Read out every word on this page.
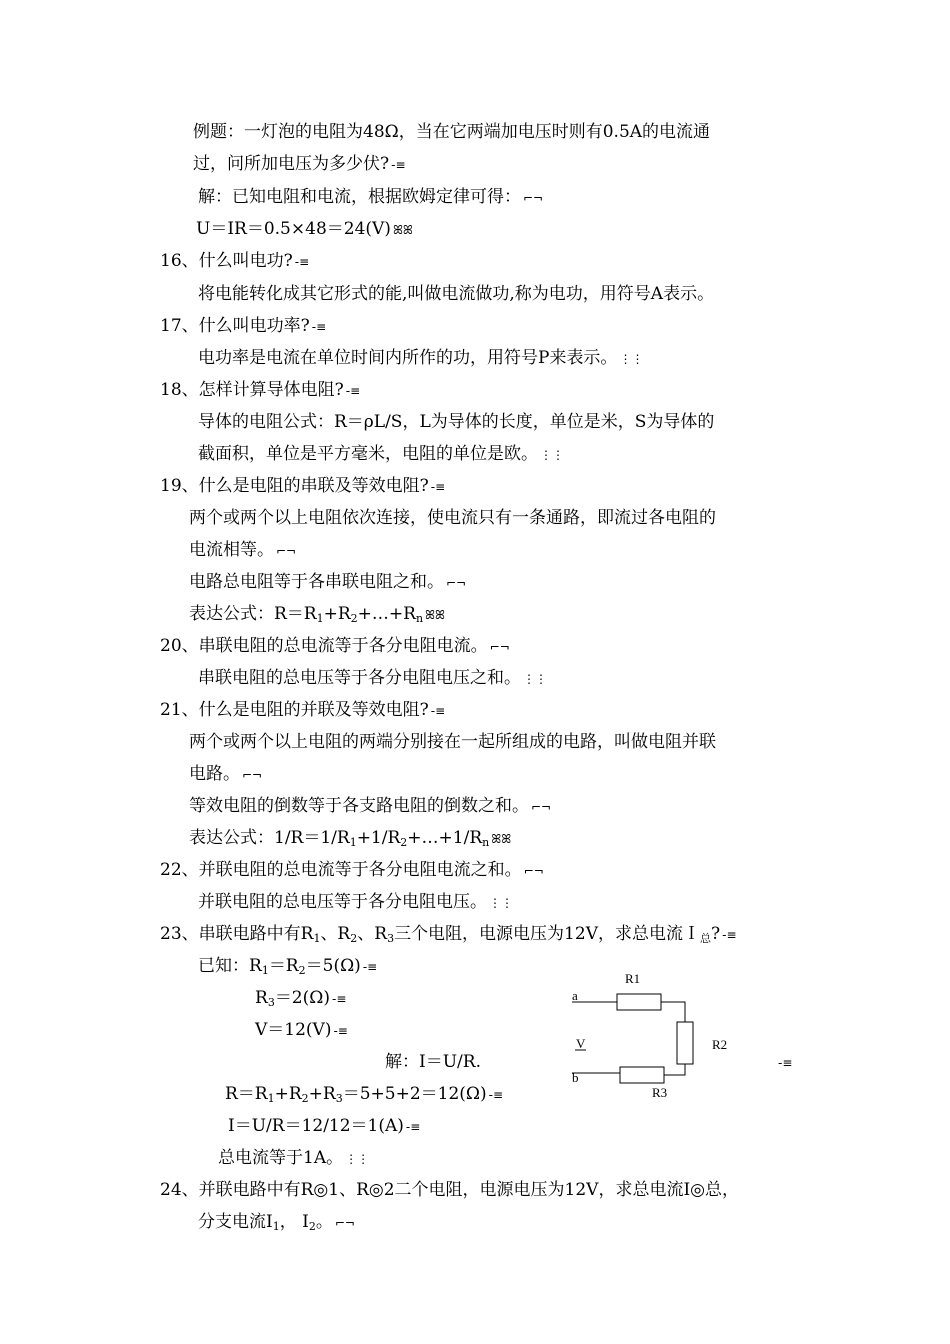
例题：一灯泡的电阻为48Ω，当在它两端加电压时则有0.5A的电流通
过，问所加电压为多少伏? -≡
解：已知电阻和电流，根据欧姆定律可得： ⌐¬
U＝IR＝0.5×48＝24(V) ꕤꕤ
16、什么叫电功? -≡
将电能转化成其它形式的能,叫做电流做功,称为电功，用符号A表示。
17、什么叫电功率? -≡
电功率是电流在单位时间内所作的功，用符号P来表示。 ⋮⋮
18、怎样计算导体电阻? -≡
导体的电阻公式：R＝ρL/S，L为导体的长度，单位是米，S为导体的
截面积，单位是平方毫米，电阻的单位是欧。 ⋮⋮
19、什么是电阻的串联及等效电阻? -≡
两个或两个以上电阻依次连接，使电流只有一条通路，即流过各电阻的
电流相等。 ⌐¬
电路总电阻等于各串联电阻之和。 ⌐¬
表达公式：$R=R_1+R_2+\dots+R_n$ ꕤꕤ
20、串联电阻的总电流等于各分电阻电流。 ⌐¬
串联电阻的总电压等于各分电阻电压之和。 ⋮⋮
21、什么是电阻的并联及等效电阻? -≡
两个或两个以上电阻的两端分别接在一起所组成的电路，叫做电阻并联
电路。 ⌐¬
等效电阻的倒数等于各支路电阻的倒数之和。 ⌐¬
表达公式：$1/R=1/R_1+1/R_2+\dots+1/R_n$ ꕤꕤ
22、并联电阻的总电流等于各分电阻电流之和。 ⌐¬
并联电阻的总电压等于各分电阻电压。 ⋮⋮
23、串联电路中有$R_1$、$R_2$、$R_3$三个电阻，电源电压为12V，求总电流Ｉ$_总$? -≡
已知：$R_1=R_2=5(\Omega)$ -≡
$R_3=2(\Omega)$ -≡
V＝12(V) -≡
解：I＝U/R.
$R=R_1+R_2+R_3=5+5+2=12(\Omega)$ -≡
I＝U/R＝12/12＝1(A) -≡
总电流等于1A。 ⋮⋮
R1
R2
R3
a
b
V
-≡
24、并联电路中有R◎1、R◎2二个电阻，电源电压为12V，求总电流I◎总，
分支电流$I_1$， $I_2$。 ⌐¬
